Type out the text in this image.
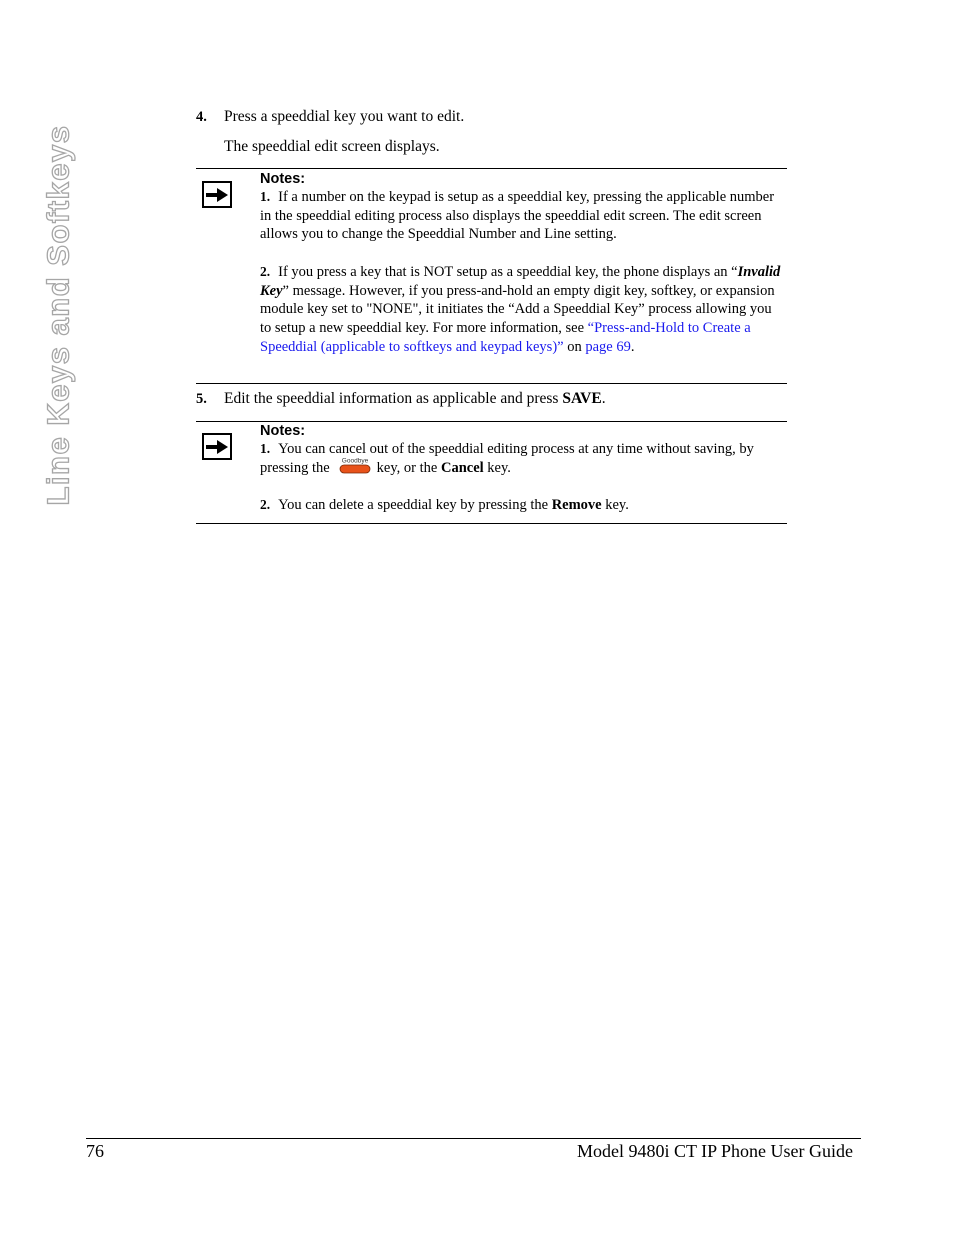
Line Keys and Softkeys
4. Press a speeddial key you want to edit.
The speeddial edit screen displays.
Notes:

1. If a number on the keypad is setup as a speeddial key, pressing the applicable number in the speeddial editing process also displays the speeddial edit screen. The edit screen allows you to change the Speeddial Number and Line setting.

2. If you press a key that is NOT setup as a speeddial key, the phone displays an “Invalid Key” message. However, if you press-and-hold an empty digit key, softkey, or expansion module key set to "NONE", it initiates the “Add a Speeddial Key” process allowing you to setup a new speeddial key. For more information, see “Press-and-Hold to Create a Speeddial (applicable to softkeys and keypad keys)” on page 69.

5. Edit the speeddial information as applicable and press SAVE.
Notes:

1. You can cancel out of the speeddial editing process at any time without saving, by pressing the Goodbye key, or the Cancel key.

2. You can delete a speeddial key by pressing the Remove key.

76	Model 9480i CT IP Phone User Guide
